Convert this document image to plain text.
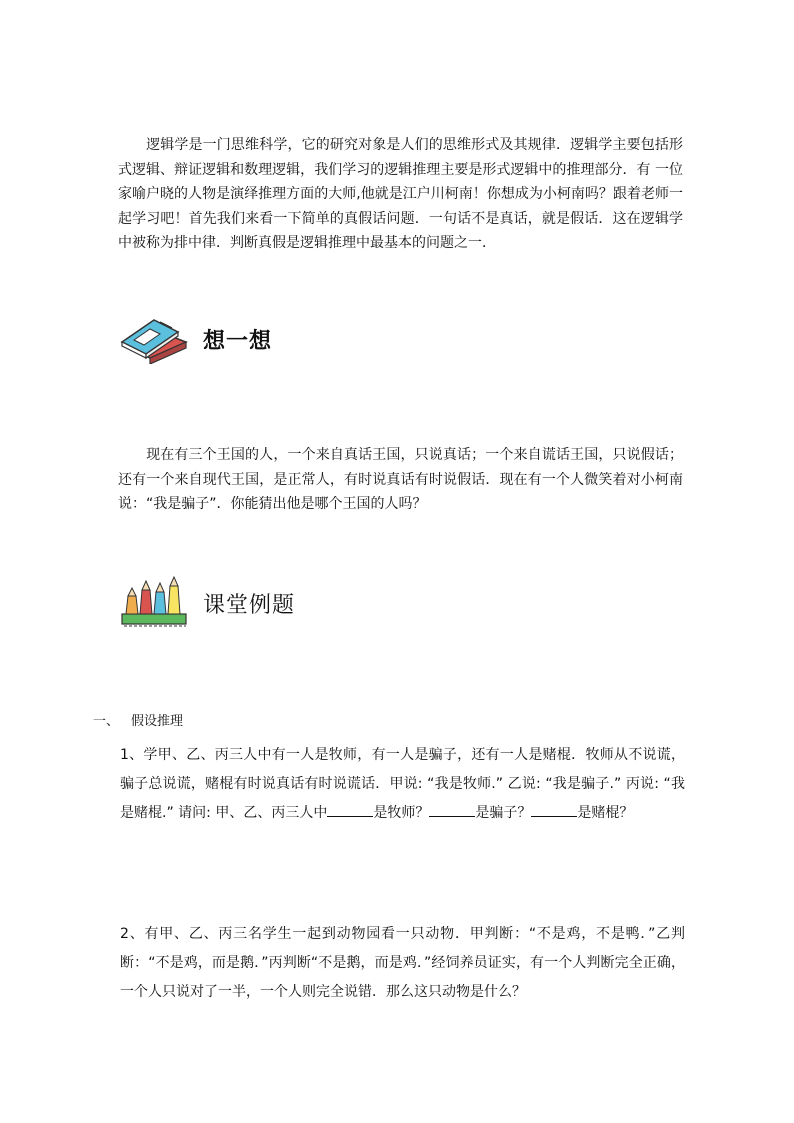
逻辑学是一门思维科学，它的研究对象是人们的思维形式及其规律．逻辑学主要包括形式逻辑、辩证逻辑和数理逻辑，我们学习的逻辑推理主要是形式逻辑中的推理部分．有 一位家喻户晓的人物是演绎推理方面的大师,他就是江户川柯南！你想成为小柯南吗？跟着老师一起学习吧！首先我们来看一下简单的真假话问题．一句话不是真话，就是假话．这在逻辑学中被称为排中律．判断真假是逻辑推理中最基本的问题之一．

想一想

现在有三个王国的人，一个来自真话王国，只说真话；一个来自谎话王国，只说假话；还有一个来自现代王国，是正常人，有时说真话有时说假话．现在有一个人微笑着对小柯南说：“我是骗子”．你能猜出他是哪个王国的人吗？

课堂例题
一、 假设推理

1、学甲、乙、丙三人中有一人是牧师，有一人是骗子，还有一人是赌棍．牧师从不说谎，骗子总说谎，赌棍有时说真话有时说谎话．甲说: “我是牧师.” 乙说: “我是骗子.” 丙说: “我是赌棍.” 请问: 甲、乙、丙三人中	是牧师？	是骗子？	是赌棍？

2、有甲、乙、丙三名学生一起到动物园看一只动物．甲判断：“不是鸡，不是鸭．”乙判断：“不是鸡，而是鹅．”丙判断“不是鹅，而是鸡．”经饲养员证实，有一个人判断完全正确，一个人只说对了一半，一个人则完全说错．那么这只动物是什么？
